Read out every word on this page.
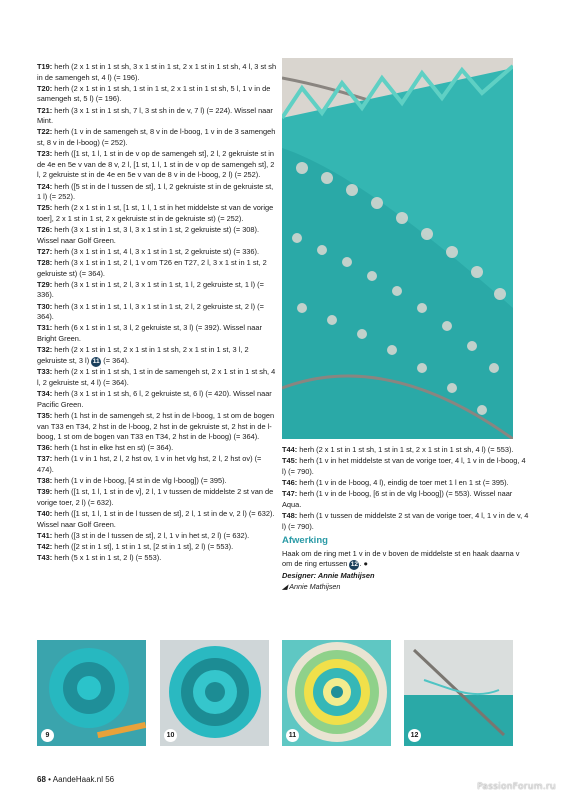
T19: herh (2 x 1 st in 1 st sh, 3 x 1 st in 1 st, 2 x 1 st in 1 st sh, 4 l, 3 st sh in de samengeh st, 4 l) (= 196).

T20: herh (2 x 1 st in 1 st sh, 1 st in 1 st, 2 x 1 st in 1 st sh, 5 l, 1 v in de samengeh st, 5 l) (= 196).

T21: herh (3 x 1 st in 1 st sh, 7 l, 3 st sh in de v, 7 l) (= 224). Wissel naar Mint.

T22: herh (1 v in de samengeh st, 8 v in de l-boog, 1 v in de 3 samengeh st, 8 v in de l-boog) (= 252).

T23: herh ([1 st, 1 l, 1 st in de v op de samengeh st], 2 l, 2 gekruiste st in de 4e en 5e v van de 8 v, 2 l, [1 st, 1 l, 1 st in de v op de samengeh st], 2 l, 2 gekruiste st in de 4e en 5e v van de 8 v in de l-boog, 2 l) (= 252).

T24: herh ([5 st in de l tussen de st], 1 l, 2 gekruiste st in de gekruiste st, 1 l) (= 252).

T25: herh (2 x 1 st in 1 st, [1 st, 1 l, 1 st in het middelste st van de vorige toer], 2 x 1 st in 1 st, 2 x gekruiste st in de gekruiste st) (= 252).

T26: herh (3 x 1 st in 1 st, 3 l, 3 x 1 st in 1 st, 2 gekruiste st) (= 308). Wissel naar Golf Green.

T27: herh (3 x 1 st in 1 st, 4 l, 3 x 1 st in 1 st, 2 gekruiste st) (= 336).

T28: herh (3 x 1 st in 1 st, 2 l, 1 v om T26 en T27, 2 l, 3 x 1 st in 1 st, 2 gekruiste st) (= 364).

T29: herh (3 x 1 st in 1 st, 2 l, 3 x 1 st in 1 st, 1 l, 2 gekruiste st, 1 l) (= 336).

T30: herh (3 x 1 st in 1 st, 1 l, 3 x 1 st in 1 st, 2 l, 2 gekruiste st, 2 l) (= 364).

T31: herh (6 x 1 st in 1 st, 3 l, 2 gekruiste st, 3 l) (= 392). Wissel naar Bright Green.

T32: herh (2 x 1 st in 1 st, 2 x 1 st in 1 st sh, 2 x 1 st in 1 st, 3 l, 2 gekruiste st, 3 l) 11 (= 364).

T33: herh (2 x 1 st in 1 st sh, 1 st in de samengeh st, 2 x 1 st in 1 st sh, 4 l, 2 gekruiste st, 4 l) (= 364).

T34: herh (3 x 1 st in 1 st sh, 6 l, 2 gekruiste st, 6 l) (= 420). Wissel naar Pacific Green.

T35: herh (1 hst in de samengeh st, 2 hst in de l-boog, 1 st om de bogen van T33 en T34, 2 hst in de l-boog, 2 hst in de gekruiste st, 2 hst in de l-boog, 1 st om de bogen van T33 en T34, 2 hst in de l-boog) (= 364).

T36: herh (1 hst in elke hst en st) (= 364).

T37: herh (1 v in 1 hst, 2 l, 2 hst ov, 1 v in het vlg hst, 2 l, 2 hst ov) (= 474).

T38: herh (1 v in de l-boog, [4 st in de vlg l-boog]) (= 395).

T39: herh ([1 st, 1 l, 1 st in de v], 2 l, 1 v tussen de middelste 2 st van de vorige toer, 2 l) (= 632).

T40: herh ([1 st, 1 l, 1 st in de l tussen de st], 2 l, 1 st in de v, 2 l) (= 632). Wissel naar Golf Green.

T41: herh ([3 st in de l tussen de st], 2 l, 1 v in het st, 2 l) (= 632).

T42: herh ([2 st in 1 st], 1 st in 1 st, [2 st in 1 st], 2 l) (= 553).

T43: herh (5 x 1 st in 1 st, 2 l) (= 553).

T44: herh (2 x 1 st in 1 st sh, 1 st in 1 st, 2 x 1 st in 1 st sh, 4 l) (= 553).

T45: herh (1 v in het middelste st van de vorige toer, 4 l, 1 v in de l-boog, 4 l) (= 790).

T46: herh (1 v in de l-boog, 4 l), eindig de toer met 1 l en 1 st (= 395).

T47: herh (1 v in de l-boog, [6 st in de vlg l-boog]) (= 553). Wissel naar Aqua.

T48: herh (1 v tussen de middelste 2 st van de vorige toer, 4 l, 1 v in de v, 4 l) (= 790).

Afwerking

Haak om de ring met 1 v in de v boven de middelste st en haak daarna v om de ring ertussen 12. ●

Designer: Annie Mathijsen

◢ Annie Mathijsen

9	10	11	12
68 • AandeHaak.nl 56
PassionForum.ru
